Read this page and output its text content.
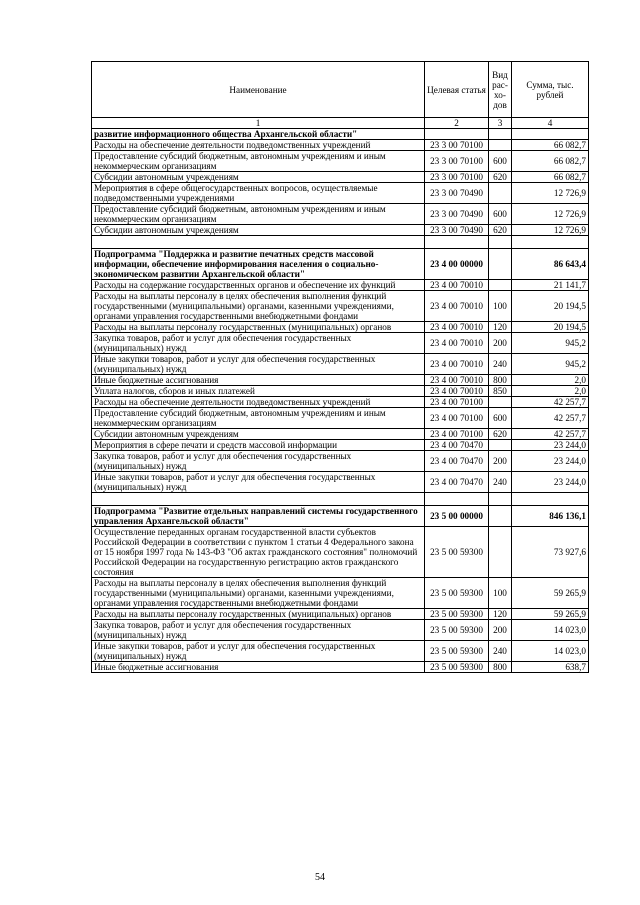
Наименование	Целевая статья	Вид рас-хо-дов	Сумма, тыс. рублей
1	2	3	4
развитие информационного общества Архангельской области"			
Расходы на обеспечение деятельности подведомственных учреждений	23 3 00 70100		66 082,7
Предоставление субсидий бюджетным, автономным учреждениям и иным некоммерческим организациям	23 3 00 70100	600	66 082,7
Субсидии автономным учреждениям	23 3 00 70100	620	66 082,7
Мероприятия в сфере общегосударственных вопросов, осуществляемые подведомственными учреждениями	23 3 00 70490		12 726,9
Предоставление субсидий бюджетным, автономным учреждениям и иным некоммерческим организациям	23 3 00 70490	600	12 726,9
Субсидии автономным учреждениям	23 3 00 70490	620	12 726,9

Подпрограмма "Поддержка и развитие печатных средств массовой информации, обеспечение информирования населения о социально-экономическом развитии Архангельской области"	23 4 00 00000		86 643,4
Расходы на содержание государственных органов и обеспечение их функций	23 4 00 70010		21 141,7
Расходы на выплаты персоналу в целях обеспечения выполнения функций государственными (муниципальными) органами, казенными учреждениями, органами управления государственными внебюджетными фондами	23 4 00 70010	100	20 194,5
Расходы на выплаты персоналу государственных (муниципальных) органов	23 4 00 70010	120	20 194,5
Закупка товаров, работ и услуг для обеспечения государственных (муниципальных) нужд	23 4 00 70010	200	945,2
Иные закупки товаров, работ и услуг для обеспечения государственных (муниципальных) нужд	23 4 00 70010	240	945,2
Иные бюджетные ассигнования	23 4 00 70010	800	2,0
Уплата налогов, сборов и иных платежей	23 4 00 70010	850	2,0
Расходы на обеспечение деятельности подведомственных учреждений	23 4 00 70100		42 257,7
Предоставление субсидий бюджетным, автономным учреждениям и иным некоммерческим организациям	23 4 00 70100	600	42 257,7
Субсидии автономным учреждениям	23 4 00 70100	620	42 257,7
Мероприятия в сфере печати и средств массовой информации	23 4 00 70470		23 244,0
Закупка товаров, работ и услуг для обеспечения государственных (муниципальных) нужд	23 4 00 70470	200	23 244,0
Иные закупки товаров, работ и услуг для обеспечения государственных (муниципальных) нужд	23 4 00 70470	240	23 244,0

Подпрограмма "Развитие отдельных направлений системы государственного управления Архангельской области"	23 5 00 00000		846 136,1
Осуществление переданных органам государственной власти субъектов Российской Федерации в соответствии с пунктом 1 статьи 4 Федерального закона от 15 ноября 1997 года № 143-ФЗ "Об актах гражданского состояния" полномочий Российской Федерации на государственную регистрацию актов гражданского состояния	23 5 00 59300		73 927,6
Расходы на выплаты персоналу в целях обеспечения выполнения функций государственными (муниципальными) органами, казенными учреждениями, органами управления государственными внебюджетными фондами	23 5 00 59300	100	59 265,9
Расходы на выплаты персоналу государственных (муниципальных) органов	23 5 00 59300	120	59 265,9
Закупка товаров, работ и услуг для обеспечения государственных (муниципальных) нужд	23 5 00 59300	200	14 023,0
Иные закупки товаров, работ и услуг для обеспечения государственных (муниципальных) нужд	23 5 00 59300	240	14 023,0
Иные бюджетные ассигнования	23 5 00 59300	800	638,7
54
